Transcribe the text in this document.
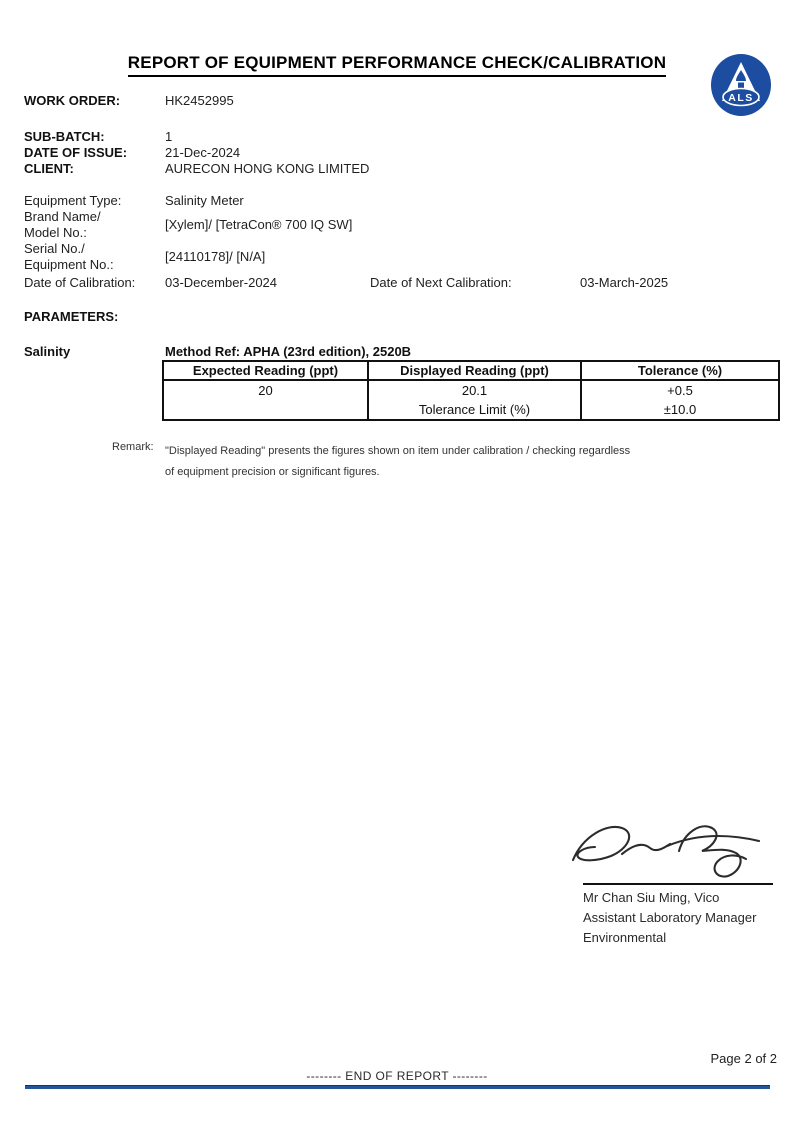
REPORT OF EQUIPMENT PERFORMANCE CHECK/CALIBRATION
ALS
WORK ORDER:	HK2452995
SUB-BATCH:	1
DATE OF ISSUE:	21-Dec-2024
CLIENT:	AURECON HONG KONG LIMITED
Equipment Type:	Salinity Meter
Brand Name/
Model No.:
[Xylem]/ [TetraCon® 700 IQ SW]
Serial No./
Equipment No.:
[24110178]/ [N/A]
Date of Calibration:	03-December-2024	Date of Next Calibration:	03-March-2025
PARAMETERS:
Salinity	Method Ref: APHA (23rd edition), 2520B
Expected Reading (ppt)	Displayed Reading (ppt)	Tolerance (%)
20	20.1	+0.5
	Tolerance Limit (%)	±10.0
Remark:	"Displayed Reading" presents the figures shown on item under calibration / checking regardless
of equipment precision or significant figures.
Mr Chan Siu Ming, Vico
Assistant Laboratory Manager
Environmental
Page 2 of 2
-------- END OF REPORT --------
